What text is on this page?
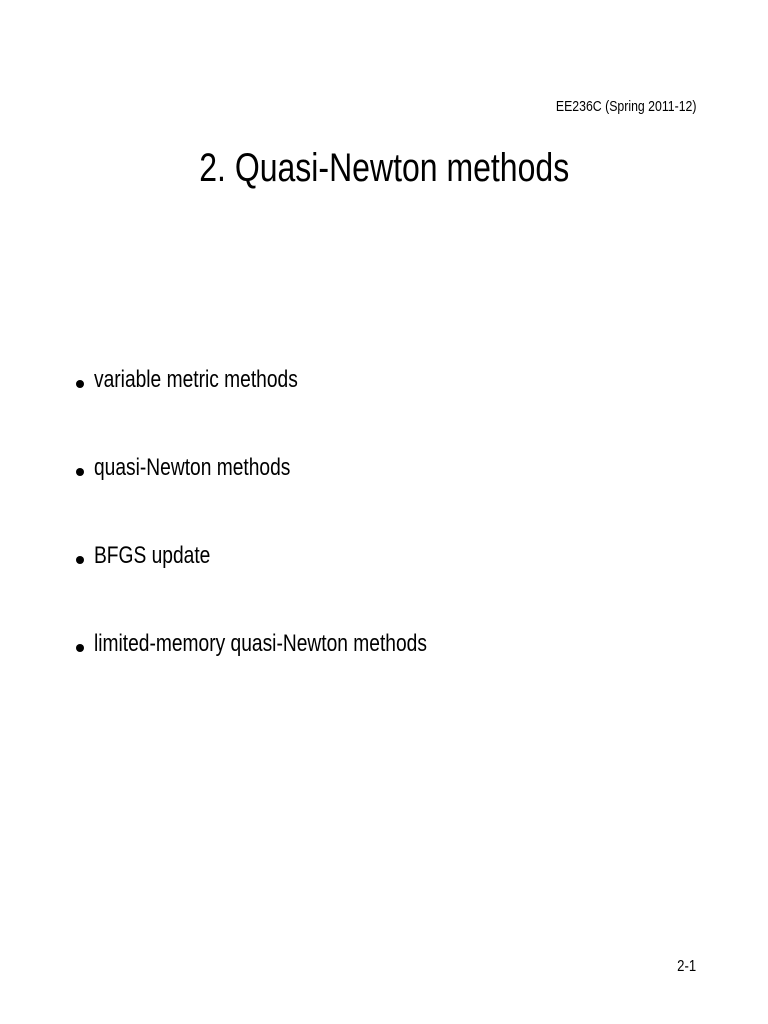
EE236C (Spring 2011-12)
2. Quasi-Newton methods
variable metric methods
quasi-Newton methods
BFGS update
limited-memory quasi-Newton methods
2-1
